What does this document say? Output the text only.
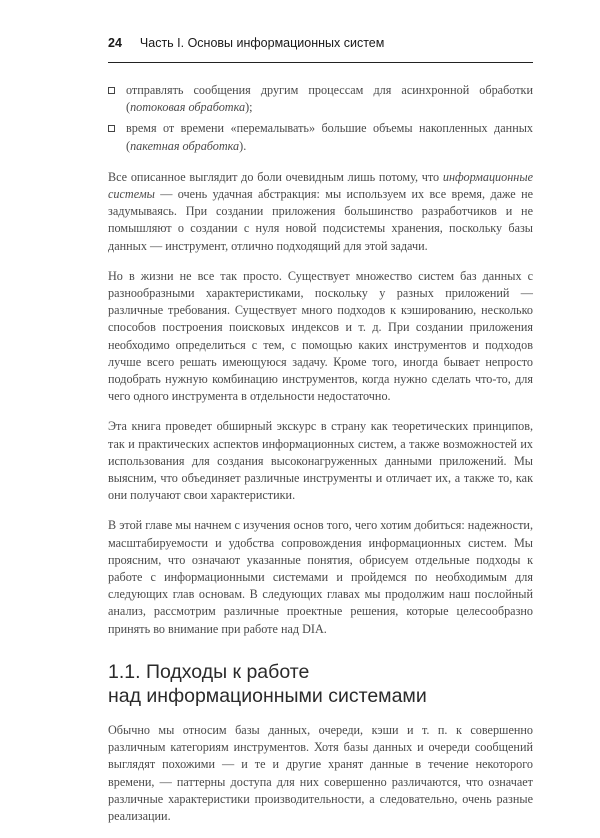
24 Часть I. Основы информационных систем
отправлять сообщения другим процессам для асинхронной обработки (потоковая обработка);
время от времени «перемалывать» большие объемы накопленных данных (пакетная обработка).

Все описанное выглядит до боли очевидным лишь потому, что информационные системы — очень удачная абстракция: мы используем их все время, даже не задумываясь. При создании приложения большинство разработчиков и не помышляют о создании с нуля новой подсистемы хранения, поскольку базы данных — инструмент, отлично подходящий для этой задачи.

Но в жизни не все так просто. Существует множество систем баз данных с разнообразными характеристиками, поскольку у разных приложений — различные требования. Существует много подходов к кэшированию, несколько способов построения поисковых индексов и т. д. При создании приложения необходимо определиться с тем, с помощью каких инструментов и подходов лучше всего решать имеющуюся задачу. Кроме того, иногда бывает непросто подобрать нужную комбинацию инструментов, когда нужно сделать что-то, для чего одного инструмента в отдельности недостаточно.

Эта книга проведет обширный экскурс в страну как теоретических принципов, так и практических аспектов информационных систем, а также возможностей их использования для создания высоконагруженных данными приложений. Мы выясним, что объединяет различные инструменты и отличает их, а также то, как они получают свои характеристики.

В этой главе мы начнем с изучения основ того, чего хотим добиться: надежности, масштабируемости и удобства сопровождения информационных систем. Мы проясним, что означают указанные понятия, обрисуем отдельные подходы к работе с информационными системами и пройдемся по необходимым для следующих глав основам. В следующих главах мы продолжим наш послойный анализ, рассмотрим различные проектные решения, которые целесообразно принять во внимание при работе над DIA.

1.1. Подходы к работе
над информационными системами

Обычно мы относим базы данных, очереди, кэши и т. п. к совершенно различным категориям инструментов. Хотя базы данных и очереди сообщений выглядят похожими — и те и другие хранят данные в течение некоторого времени, — паттерны доступа для них совершенно различаются, что означает различные характеристики производительности, а следовательно, очень разные реализации.
